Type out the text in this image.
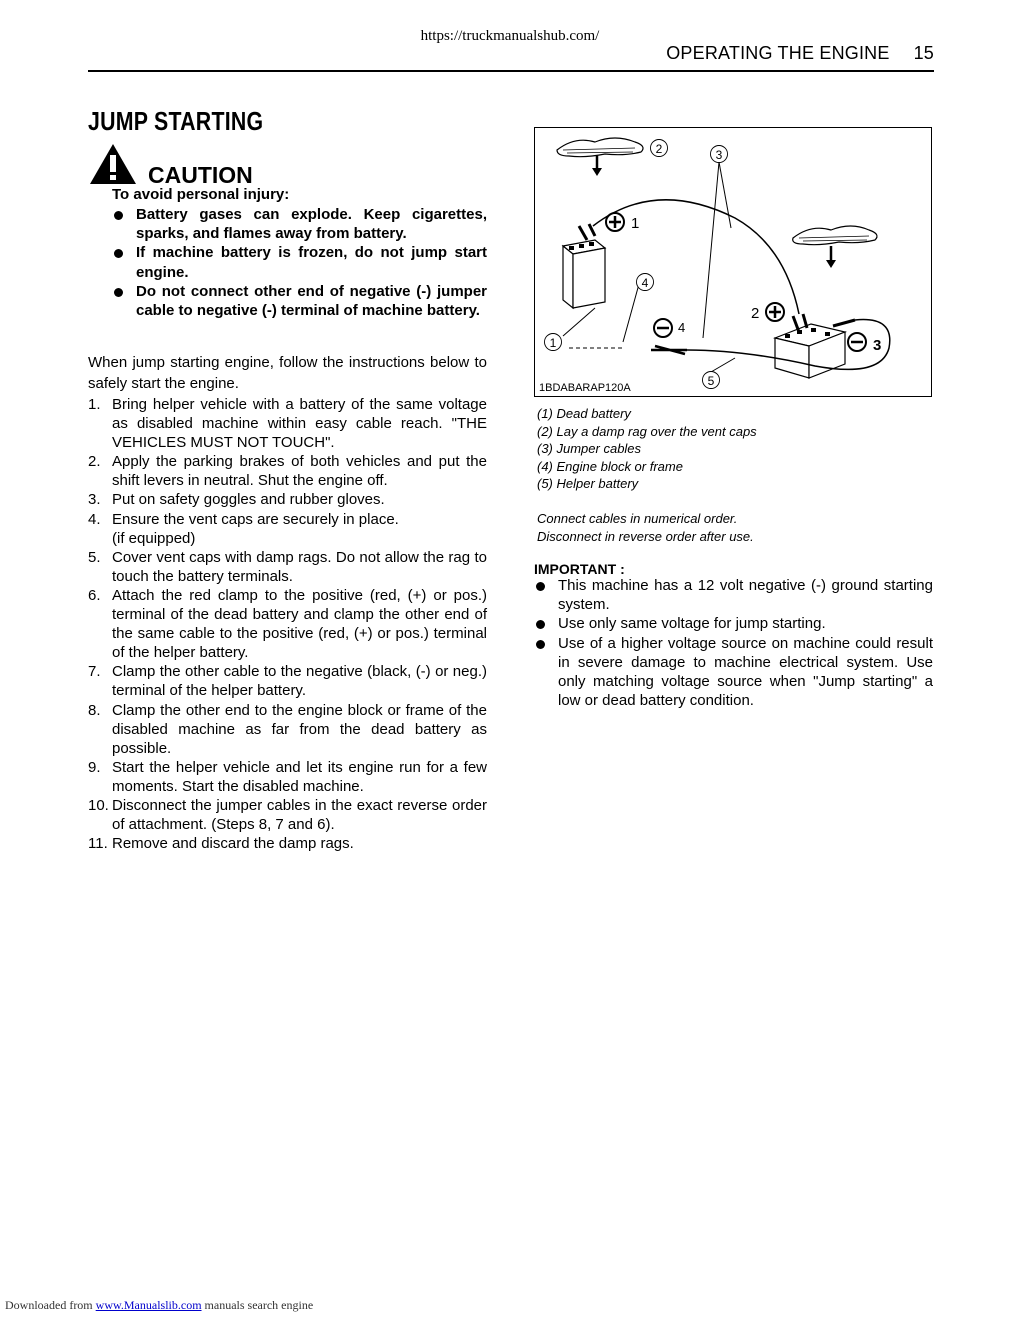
https://truckmanualshub.com/
OPERATING THE ENGINE 15
JUMP STARTING
CAUTION
To avoid personal injury:
Battery gases can explode. Keep cigarettes, sparks, and flames away from battery.
If machine battery is frozen, do not jump start engine.
Do not connect other end of negative (-) jumper cable to negative (-) terminal of machine battery.
When jump starting engine, follow the instructions below to safely start the engine.
1. Bring helper vehicle with a battery of the same voltage as disabled machine within easy cable reach. "THE VEHICLES MUST NOT TOUCH".
2. Apply the parking brakes of both vehicles and put the shift levers in neutral. Shut the engine off.
3. Put on safety goggles and rubber gloves.
4. Ensure the vent caps are securely in place.
(if equipped)
5. Cover vent caps with damp rags. Do not allow the rag to touch the battery terminals.
6. Attach the red clamp to the positive (red, (+) or pos.) terminal of the dead battery and clamp the other end of the same cable to the positive (red, (+) or pos.) terminal of the helper battery.
7. Clamp the other cable to the negative (black, (-) or neg.) terminal of the helper battery.
8. Clamp the other end to the engine block or frame of the disabled machine as far from the dead battery as possible.
9. Start the helper vehicle and let its engine run for a few moments. Start the disabled machine.
10. Disconnect the jumper cables in the exact reverse order of attachment. (Steps 8, 7 and 6).
11. Remove and discard the damp rags.
1
2
3
4
1
2	3
4
5
1BDABARAP120A
(1) Dead battery
(2) Lay a damp rag over the vent caps
(3) Jumper cables
(4) Engine block or frame
(5) Helper battery
Connect cables in numerical order.
Disconnect in reverse order after use.
IMPORTANT :
This machine has a 12 volt negative (-) ground starting system.
Use only same voltage for jump starting.
Use of a higher voltage source on machine could result in severe damage to machine electrical system. Use only matching voltage source when "Jump starting" a low or dead battery condition.
Downloaded from www.Manualslib.com manuals search engine
